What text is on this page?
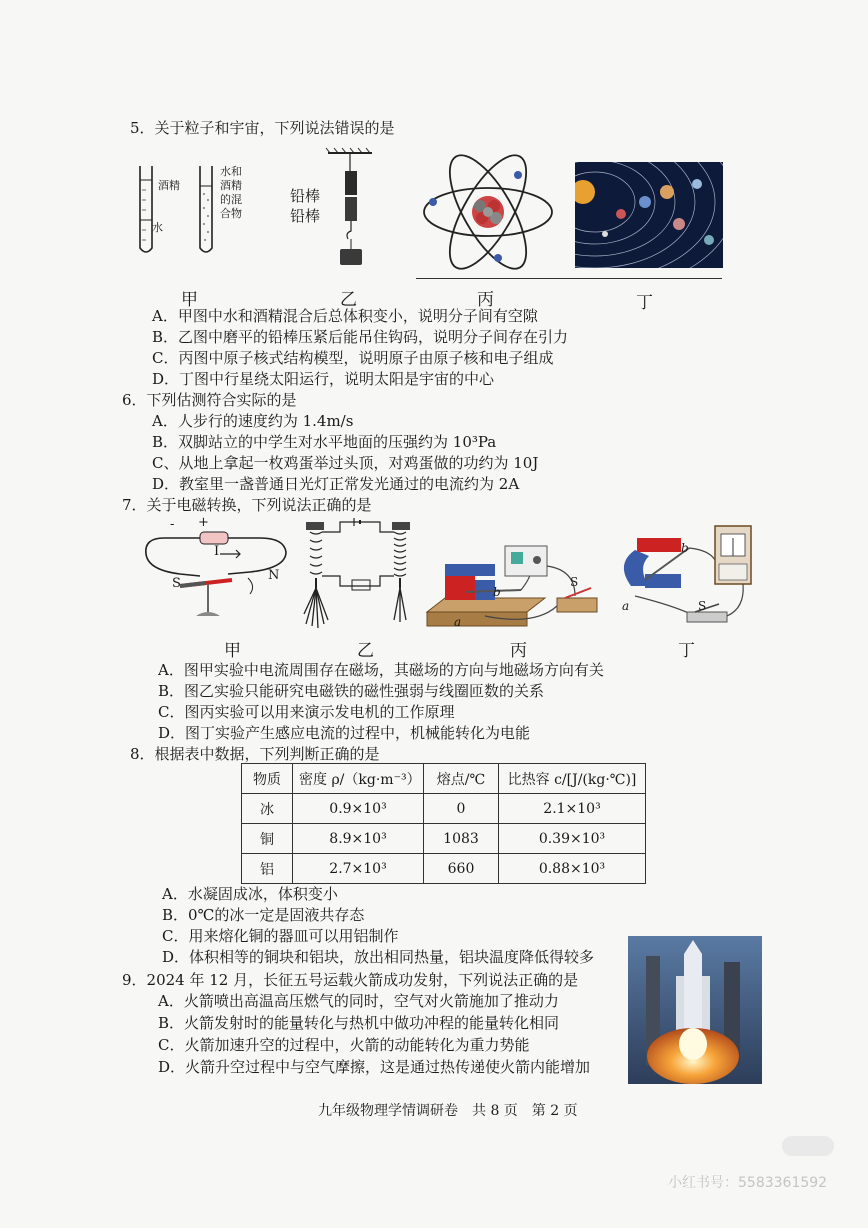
5．关于粒子和宇宙，下列说法错误的是
酒精
水
水和
酒精
的混
合物
铅棒
铅棒
甲	乙	丙	丁
A．甲图中水和酒精混合后总体积变小，说明分子间有空隙
B．乙图中磨平的铅棒压紧后能吊住钩码，说明分子间存在引力
C．丙图中原子核式结构模型，说明原子由原子核和电子组成
D．丁图中行星绕太阳运行，说明太阳是宇宙的中心
6．下列估测符合实际的是
A．人步行的速度约为 1.4m/s
B．双脚站立的中学生对水平地面的压强约为 10³Pa
C、从地上拿起一枚鸡蛋举过头顶，对鸡蛋做的功约为 10J
D．教室里一盏普通日光灯正常发光通过的电流约为 2A
7．关于电磁转换，下列说法正确的是
- +
I
S
N
b
a
S
b
a	S
甲	乙	丙	丁
A．图甲实验中电流周围存在磁场，其磁场的方向与地磁场方向有关
B．图乙实验只能研究电磁铁的磁性强弱与线圈匝数的关系
C．图丙实验可以用来演示发电机的工作原理
D．图丁实验产生感应电流的过程中，机械能转化为电能
8．根据表中数据，下列判断正确的是
物质	密度 ρ/（kg·m⁻³）	熔点/℃	比热容 c/[J/(kg·℃)]
冰	0.9×10³	0	2.1×10³
铜	8.9×10³	1083	0.39×10³
铝	2.7×10³	660	0.88×10³
A．水凝固成冰，体积变小
B．0℃的冰一定是固液共存态
C．用来熔化铜的器皿可以用铝制作
D．体积相等的铜块和铝块，放出相同热量，铝块温度降低得较多
9．2024 年 12 月，长征五号运载火箭成功发射，下列说法正确的是
A．火箭喷出高温高压燃气的同时，空气对火箭施加了推动力
B．火箭发射时的能量转化与热机中做功冲程的能量转化相同
C．火箭加速升空的过程中，火箭的动能转化为重力势能
D．火箭升空过程中与空气摩擦，这是通过热传递使火箭内能增加
九年级物理学情调研卷　共 8 页　第 2 页
小红书号：5583361592
